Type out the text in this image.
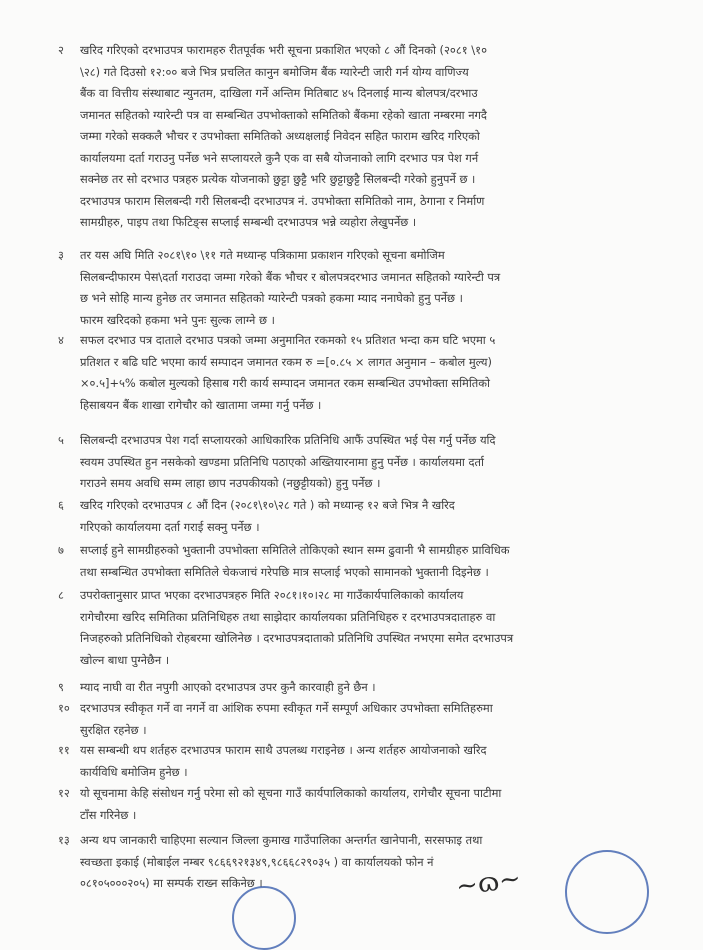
२	खरिद गरिएको दरभाउपत्र फारामहरु रीतपूर्वक भरी सूचना प्रकाशित भएको ८ औं दिनको (२०८१ \१०
\२८) गते दिउसो १२:०० बजे भित्र प्रचलित कानुन बमोजिम बैंक ग्यारेन्टी जारी गर्न योग्य वाणिज्य
बैंक वा वित्तीय संस्थाबाट न्युनतम, दाखिला गर्ने अन्तिम मितिबाट ४५ दिनलाई मान्य बोलपत्र/दरभाउ
जमानत सहितको ग्यारेन्टी पत्र वा सम्बन्धित उपभोक्ताको समितिको बैंकमा रहेको खाता नम्बरमा नगदै
जम्मा गरेको सक्कलै भौचर र उपभोक्ता समितिको अध्यक्षलाई निवेदन सहित फाराम खरिद गरिएको
कार्यालयमा दर्ता गराउनु पर्नेछ भने सप्लायरले कुनै एक वा सबै योजनाको लागि दरभाउ पत्र पेश गर्न
सक्नेछ तर सो दरभाउ पत्रहरु प्रत्येक योजनाको छुट्टा छुट्टै भरि छुट्टाछुट्टै सिलबन्दी गरेको हुनुपर्ने छ ।
दरभाउपत्र फाराम सिलबन्दी गरी सिलबन्दी दरभाउपत्र नं. उपभोक्ता समितिको नाम, ठेगाना र निर्माण
सामग्रीहरु, पाइप तथा फिटिङ्स सप्लाई सम्बन्धी दरभाउपत्र भन्ने व्यहोरा लेखुपर्नेछ ।
३	तर यस अघि मिति २०८१\१० \११ गते मध्यान्ह पत्रिकामा प्रकाशन गरिएको सूचना बमोजिम
सिलबन्दीफारम पेस\दर्ता गराउदा जम्मा गरेको बैंक भौचर र बोलपत्रदरभाउ जमानत सहितको ग्यारेन्टी पत्र
छ भने सोहि मान्य हुनेछ तर जमानत सहितको ग्यारेन्टी पत्रको हकमा म्याद ननाघेको हुनु पर्नेछ ।
फारम खरिदको हकमा भने पुनः सुल्क लाग्ने छ ।
४	सफल दरभाउ पत्र दाताले दरभाउ पत्रको जम्मा अनुमानित रकमको १५ प्रतिशत भन्दा कम घटि भएमा ५
प्रतिशत र बढि घटि भएमा कार्य सम्पादन जमानत रकम रु =[०.८५ × लागत अनुमान – कबोल मुल्य)
×०.५]+५% कबोल मुल्यको हिसाब गरी कार्य सम्पादन जमानत रकम सम्बन्धित उपभोक्ता समितिको
हिसाबयन बैंक शाखा रागेचौर को खातामा जम्मा गर्नु पर्नेछ ।
५	सिलबन्दी दरभाउपत्र पेश गर्दा सप्लायरको आधिकारिक प्रतिनिधि आफैं उपस्थित भई पेस गर्नु पर्नेछ यदि
स्वयम उपस्थित हुन नसकेको खण्डमा प्रतिनिधि पठाएको अख्तियारनामा हुनु पर्नेछ । कार्यालयमा दर्ता
गराउने समय अवधि सम्म लाहा छाप नउपकीयको (नछुट्टीयको) हुनु पर्नेछ ।
६	खरिद गरिएको दरभाउपत्र ८ औं दिन (२०८१\१०\२८ गते ) को मध्यान्ह १२ बजे भित्र नै खरिद
गरिएको कार्यालयमा दर्ता गराई सक्नु पर्नेछ ।
७	सप्लाई हुने सामग्रीहरुको भुक्तानी उपभोक्ता समितिले तोकिएको स्थान सम्म ढुवानी भै सामग्रीहरु प्राविधिक
तथा सम्बन्धित उपभोक्ता समितिले चेकजाचं गरेपछि मात्र सप्लाई भएको सामानको भुक्तानी दिइनेछ ।
८	उपरोक्तानुसार प्राप्त भएका दरभाउपत्रहरु मिति २०८१।१०।२८ मा गाउँकार्यपालिकाको कार्यालय
रागेचौरमा खरिद समितिका प्रतिनिधिहरु तथा साझेदार कार्यालयका प्रतिनिधिहरु र दरभाउपत्रदाताहरु वा
निजहरुको प्रतिनिधिको रोहबरमा खोलिनेछ । दरभाउपत्रदाताको प्रतिनिधि उपस्थित नभएमा समेत दरभाउपत्र
खोल्न बाधा पुग्नेछैन ।
९	म्याद नाघी वा रीत नपुगी आएको दरभाउपत्र उपर कुनै कारवाही हुने छैन ।
१० दरभाउपत्र स्वीकृत गर्ने वा नगर्ने वा आंशिक रुपमा स्वीकृत गर्ने सम्पूर्ण अधिकार उपभोक्ता समितिहरुमा
सुरक्षित रहनेछ ।
११ यस सम्बन्धी थप शर्तहरु दरभाउपत्र फाराम साथै उपलब्ध गराइनेछ । अन्य शर्तहरु आयोजनाको खरिद
कार्यविधि बमोजिम हुनेछ ।
१२ यो सूचनामा केहि संसोधन गर्नु परेमा सो को सूचना गाउँ कार्यपालिकाको कार्यालय, रागेचौर सूचना पाटीमा
टाँस गरिनेछ ।
१३ अन्य थप जानकारी चाहिएमा सल्यान जिल्ला कुमाख गाउँपालिका अन्तर्गत खानेपानी, सरसफाइ तथा
स्वच्छता इकाई (मोबाईल नम्बर ९८६६९२१३४९,९८६६८२९०३५ ) वा कार्यालयको फोन नं
०८१०५०००२०५) मा सम्पर्क राख्न सकिनेछ ।	~ɷ~
